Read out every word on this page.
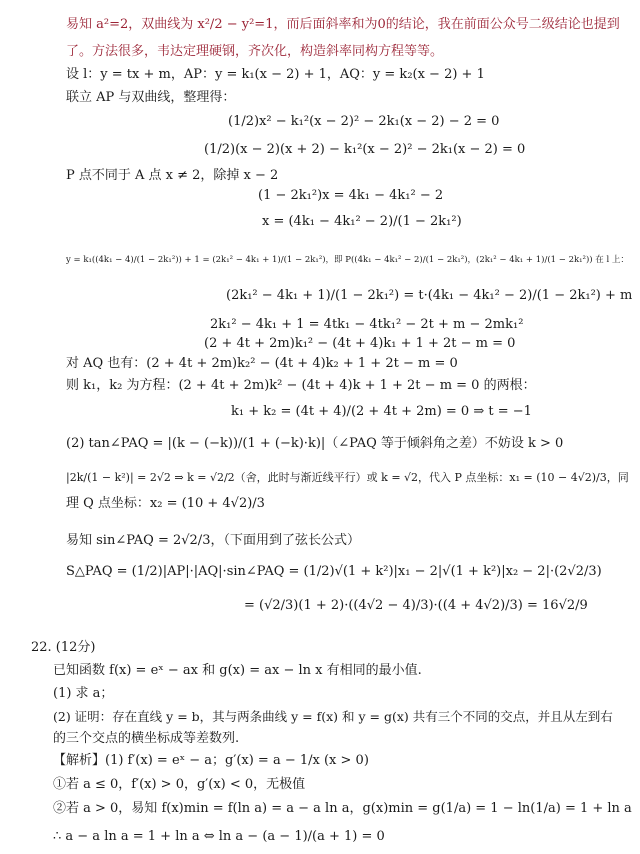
易知 a²=2，双曲线为 x²/2 − y²=1，而后面斜率和为0的结论，我在前面公众号二级结论也提到
了。方法很多，韦达定理硬钢，齐次化，构造斜率同构方程等等。
设 l：y = tx + m，AP：y = k₁(x − 2) + 1，AQ：y = k₂(x − 2) + 1
联立 AP 与双曲线，整理得：
(1/2)x² − k₁²(x − 2)² − 2k₁(x − 2) − 2 = 0
(1/2)(x − 2)(x + 2) − k₁²(x − 2)² − 2k₁(x − 2) = 0
P 点不同于 A 点 x ≠ 2，除掉 x − 2
(1 − 2k₁²)x = 4k₁ − 4k₁² − 2
x = (4k₁ − 4k₁² − 2)/(1 − 2k₁²)
y = k₁((4k₁ − 4)/(1 − 2k₁²)) + 1 = (2k₁² − 4k₁ + 1)/(1 − 2k₁²)，即 P((4k₁ − 4k₁² − 2)/(1 − 2k₁²)，(2k₁² − 4k₁ + 1)/(1 − 2k₁²)) 在 l 上：
(2k₁² − 4k₁ + 1)/(1 − 2k₁²) = t·(4k₁ − 4k₁² − 2)/(1 − 2k₁²) + m
2k₁² − 4k₁ + 1 = 4tk₁ − 4tk₁² − 2t + m − 2mk₁²
(2 + 4t + 2m)k₁² − (4t + 4)k₁ + 1 + 2t − m = 0
对 AQ 也有：(2 + 4t + 2m)k₂² − (4t + 4)k₂ + 1 + 2t − m = 0
则 k₁，k₂ 为方程：(2 + 4t + 2m)k² − (4t + 4)k + 1 + 2t − m = 0 的两根：
k₁ + k₂ = (4t + 4)/(2 + 4t + 2m) = 0 ⇒ t = −1
(2) tan∠PAQ = |(k − (−k))/(1 + (−k)·k)|（∠PAQ 等于倾斜角之差）不妨设 k > 0
|2k/(1 − k²)| = 2√2 ⇒ k = √2/2（舍，此时与渐近线平行）或 k = √2，代入 P 点坐标：x₁ = (10 − 4√2)/3，同
理 Q 点坐标：x₂ = (10 + 4√2)/3
易知 sin∠PAQ = 2√2/3，（下面用到了弦长公式）
S△PAQ = (1/2)|AP|·|AQ|·sin∠PAQ = (1/2)√(1 + k²)|x₁ − 2|√(1 + k²)|x₂ − 2|·(2√2/3)
= (√2/3)(1 + 2)·((4√2 − 4)/3)·((4 + 4√2)/3) = 16√2/9
22. (12分)
已知函数 f(x) = eˣ − ax 和 g(x) = ax − ln x 有相同的最小值.
(1) 求 a；
(2) 证明：存在直线 y = b，其与两条曲线 y = f(x) 和 y = g(x) 共有三个不同的交点，并且从左到右
的三个交点的横坐标成等差数列.
【解析】(1) f′(x) = eˣ − a；g′(x) = a − 1/x (x > 0)
①若 a ≤ 0，f′(x) > 0，g′(x) < 0，无极值
②若 a > 0，易知 f(x)min = f(ln a) = a − a ln a，g(x)min = g(1/a) = 1 − ln(1/a) = 1 + ln a
∴ a − a ln a = 1 + ln a ⇔ ln a − (a − 1)/(a + 1) = 0
